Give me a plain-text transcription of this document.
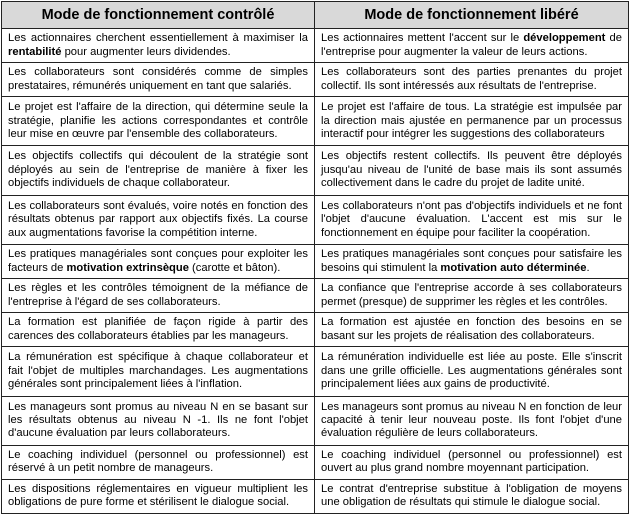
Mode de fonctionnement contrôlé	Mode de fonctionnement libéré
Les actionnaires cherchent essentiellement à maximiser la rentabilité pour augmenter leurs dividendes.	Les actionnaires mettent l'accent sur le développement de l'entreprise pour augmenter la valeur de leurs actions.
Les collaborateurs sont considérés comme de simples prestataires, rémunérés uniquement en tant que salariés.	Les collaborateurs sont des parties prenantes du projet collectif. Ils sont intéressés aux résultats de l'entreprise.
Le projet est l'affaire de la direction, qui détermine seule la stratégie, planifie les actions correspondantes et contrôle leur mise en œuvre par l'ensemble des collaborateurs.	Le projet est l'affaire de tous. La stratégie est impulsée par la direction mais ajustée en permanence par un processus interactif pour intégrer les suggestions des collaborateurs
Les objectifs collectifs qui découlent de la stratégie sont déployés au sein de l'entreprise de manière à fixer les objectifs individuels de chaque collaborateur.	Les objectifs restent collectifs. Ils peuvent être déployés jusqu'au niveau de l'unité de base mais ils sont assumés collectivement dans le cadre du projet de ladite unité.
Les collaborateurs sont évalués, voire notés en fonction des résultats obtenus par rapport aux objectifs fixés. La course aux augmentations favorise la compétition interne.	Les collaborateurs n'ont pas d'objectifs individuels et ne font l'objet d'aucune évaluation. L'accent est mis sur le fonctionnement en équipe pour faciliter la coopération.
Les pratiques managériales sont conçues pour exploiter les facteurs de motivation extrinsèque (carotte et bâton).	Les pratiques managériales sont conçues pour satisfaire les besoins qui stimulent la motivation auto déterminée.
Les règles et les contrôles témoignent de la méfiance de l'entreprise à l'égard de ses collaborateurs.	La confiance que l'entreprise accorde à ses collaborateurs permet (presque) de supprimer les règles et les contrôles.
La formation est planifiée de façon rigide à partir des carences des collaborateurs établies par les manageurs.	La formation est ajustée en fonction des besoins en se basant sur les projets de réalisation des collaborateurs.
La rémunération est spécifique à chaque collaborateur et fait l'objet de multiples marchandages. Les augmentations générales sont principalement liées à l'inflation.	La rémunération individuelle est liée au poste. Elle s'inscrit dans une grille officielle. Les augmentations générales sont principalement liées aux gains de productivité.
Les manageurs sont promus au niveau N en se basant sur les résultats obtenus au niveau N -1. Ils ne font l'objet d'aucune évaluation par leurs collaborateurs.	Les manageurs sont promus au niveau N en fonction de leur capacité à tenir leur nouveau poste. Ils font l'objet d'une évaluation régulière de leurs collaborateurs.
Le coaching individuel (personnel ou professionnel) est réservé à un petit nombre de manageurs.	Le coaching individuel (personnel ou professionnel) est ouvert au plus grand nombre moyennant participation.
Les dispositions réglementaires en vigueur multiplient les obligations de pure forme et stérilisent le dialogue social.	Le contrat d'entreprise substitue à l'obligation de moyens une obligation de résultats qui stimule le dialogue social.
